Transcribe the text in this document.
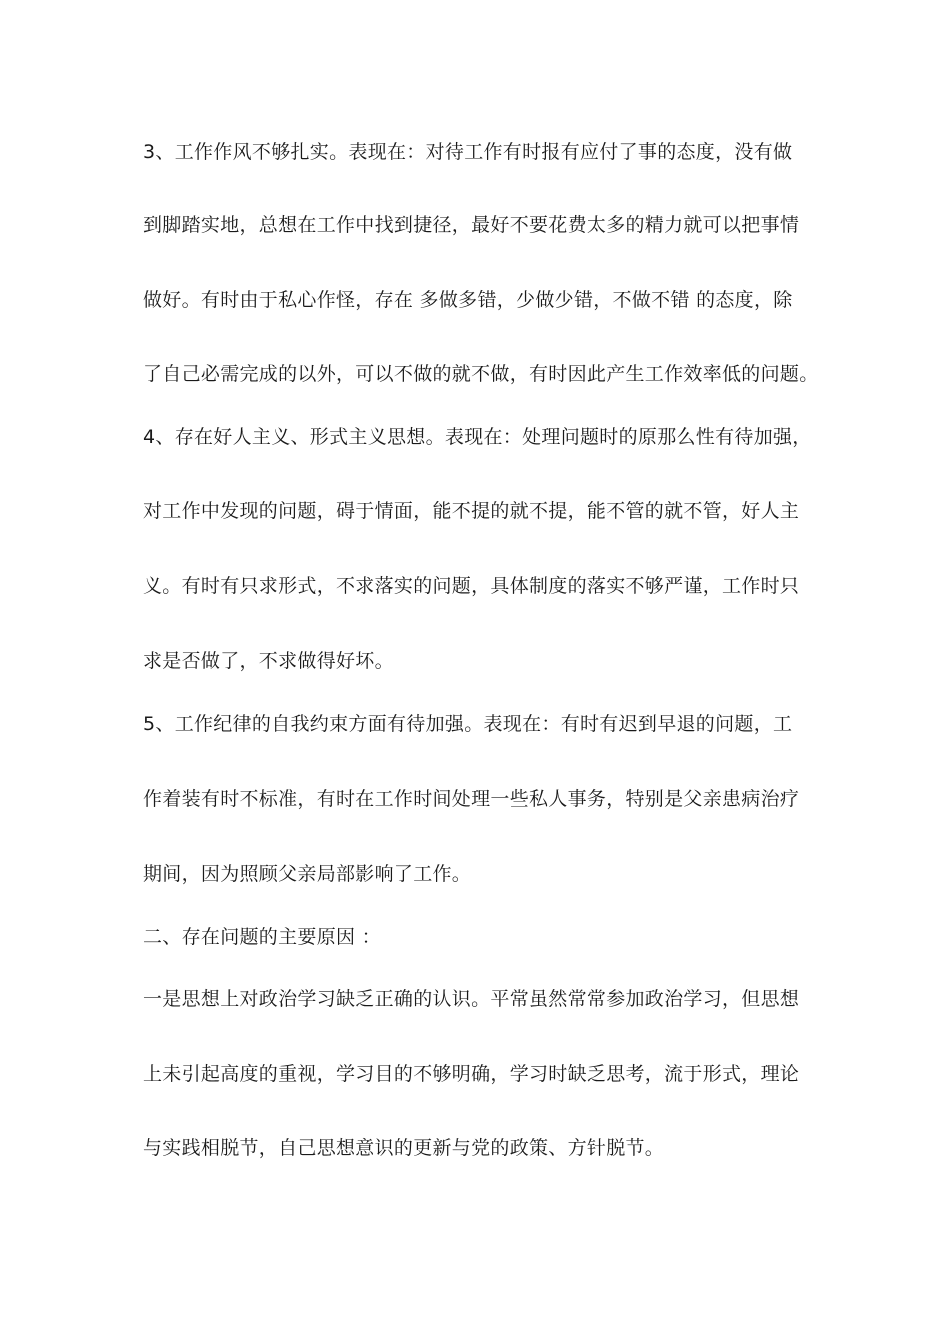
3、工作作风不够扎实。表现在：对待工作有时报有应付了事的态度，没有做
到脚踏实地，总想在工作中找到捷径，最好不要花费太多的精力就可以把事情
做好。有时由于私心作怪，存在 多做多错，少做少错，不做不错 的态度，除
了自己必需完成的以外，可以不做的就不做，有时因此产生工作效率低的问题。
4、存在好人主义、形式主义思想。表现在：处理问题时的原那么性有待加强，
对工作中发现的问题，碍于情面，能不提的就不提，能不管的就不管，好人主
义。有时有只求形式，不求落实的问题，具体制度的落实不够严谨，工作时只
求是否做了，不求做得好坏。
5、工作纪律的自我约束方面有待加强。表现在：有时有迟到早退的问题，工
作着装有时不标准，有时在工作时间处理一些私人事务，特别是父亲患病治疗
期间，因为照顾父亲局部影响了工作。
二、存在问题的主要原因 ：
一是思想上对政治学习缺乏正确的认识。平常虽然常常参加政治学习，但思想
上未引起高度的重视，学习目的不够明确，学习时缺乏思考，流于形式，理论
与实践相脱节，自己思想意识的更新与党的政策、方针脱节。
